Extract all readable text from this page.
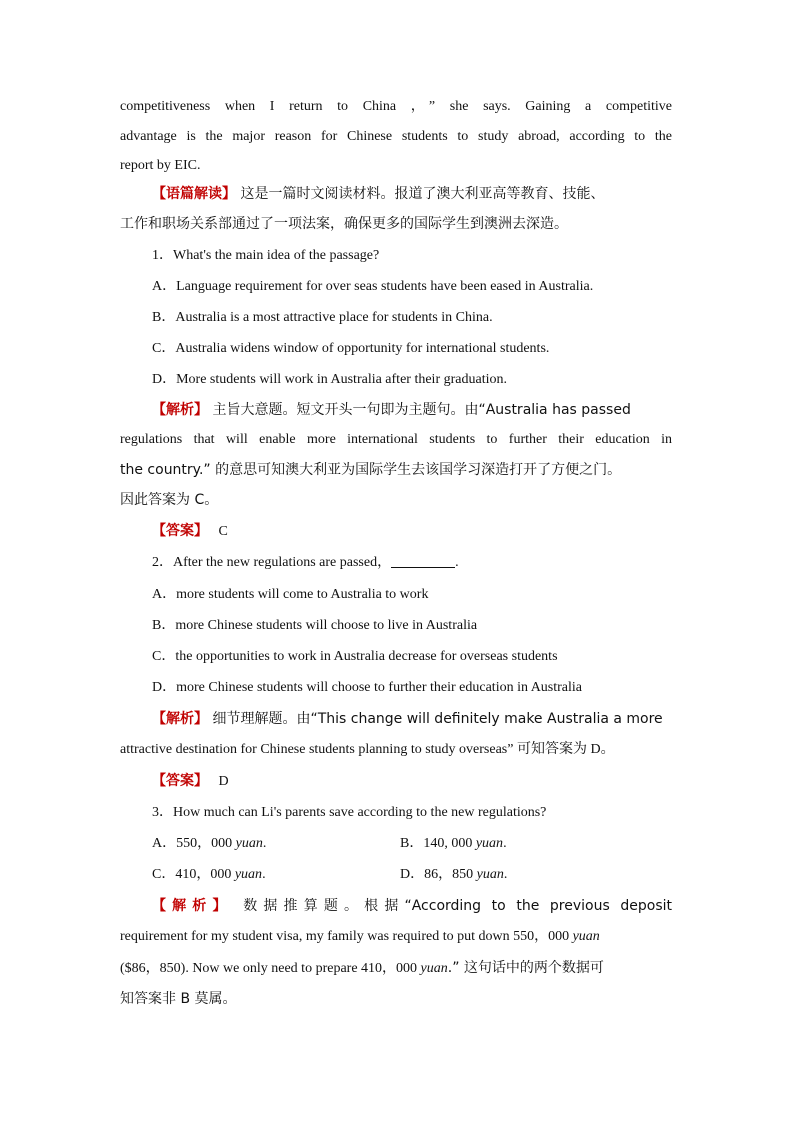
competitiveness when I return to China ，” she says. Gaining a competitive
advantage is the major reason for Chinese students to study abroad, according to the
report by EIC.
【语篇解读】 这是一篇时文阅读材料。报道了澳大利亚高等教育、技能、
工作和职场关系部通过了一项法案，确保更多的国际学生到澳洲去深造。
1．What's the main idea of the passage?
A．Language requirement for over seas students have been eased in Australia.
B．Australia is a most attractive place for students in China.
C．Australia widens window of opportunity for international students.
D．More students will work in Australia after their graduation.
【解析】 主旨大意题。短文开头一句即为主题句。由“Australia has passed
regulations that will enable more international students to further their education in
the country.” 的意思可知澳大利亚为国际学生去该国学习深造打开了方便之门。
因此答案为 C。
【答案】 C
2．After the new regulations are passed，	.
A．more students will come to Australia to work
B．more Chinese students will choose to live in Australia
C．the opportunities to work in Australia decrease for overseas students
D．more Chinese students will choose to further their education in Australia
【解析】 细节理解题。由“This change will definitely make Australia a more
attractive destination for Chinese students planning to study overseas” 可知答案为 D。
【答案】 D
3．How much can Li's parents save according to the new regulations?
A．550，000 yuan.	B．140, 000 yuan.
C．410，000 yuan.	D．86，850 yuan.
【解析】 数据推算题。根据“According to the previous deposit
requirement for my student visa, my family was required to put down 550，000 yuan
($86，850). Now we only need to prepare 410，000 yuan.” 这句话中的两个数据可
知答案非 B 莫属。
